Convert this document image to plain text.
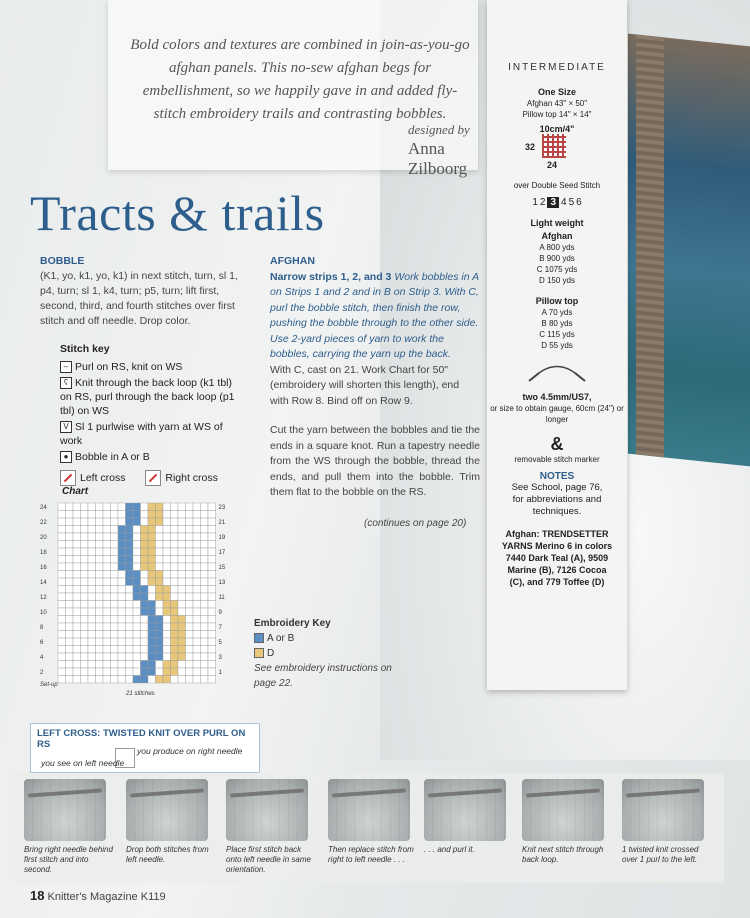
Bold colors and textures are combined in join-as-you-go afghan panels. This no-sew afghan begs for embellishment, so we happily gave in and added fly-stitch embroidery trails and contrasting bobbles.

designed by Anna Zilboorg
Tracts & trails
BOBBLE
(K1, yo, k1, yo, k1) in next stitch, turn, sl 1, p4, turn; sl 1, k4, turn; p5, turn; lift first, second, third, and fourth stitches over first stitch and off needle. Drop color.
Stitch key
– Purl on RS, knit on WS
ʕ Knit through the back loop (k1 tbl) on RS, purl through the back loop (p1 tbl) on WS
V Sl 1 purlwise with yarn at WS of work
● Bobble in A or B
Left cross	Right cross
AFGHAN
Narrow strips 1, 2, and 3 Work bobbles in A on Strips 1 and 2 and in B on Strip 3. With C, purl the bobble stitch, then finish the row, pushing the bobble through to the other side. Use 2-yard pieces of yarn to work the bobbles, carrying the yarn up the back.
With C, cast on 21. Work Chart for 50" (embroidery will shorten this length), end with Row 8. Bind off on Row 9.
Cut the yarn between the bobbles and tie the ends in a square knot. Run a tapestry needle from the WS through the bobble, thread the ends, and pull them into the bobble. Trim them flat to the bobble on the RS.
(continues on page 20)
Chart
24
22
20
18
16
14
12
10
8
6
4
2
23
21
19
17
15
13
11
9
7
5
3
1
21 stitches
Set-up
Embroidery Key
A or B
D
See embroidery instructions on page 22.
INTERMEDIATE
One Size
Afghan 43" × 50"
Pillow top 14" × 14"
10cm/4"
32
24
over Double Seed Stitch
1 2 3 4 5 6
Light weight
Afghan
A 800 yds
B 900 yds
C 1075 yds
D 150 yds
Pillow top
A 70 yds
B 80 yds
C 115 yds
D 55 yds
two 4.5mm/US7,
or size to obtain gauge, 60cm (24") or longer
&
removable stitch marker
NOTES
See School, page 76, for abbreviations and techniques.
Afghan: TRENDSETTER YARNS Merino 6 in colors 7440 Dark Teal (A), 9509 Marine (B), 7126 Cocoa (C), and 779 Toffee (D)
LEFT CROSS: TWISTED KNIT OVER PURL ON RS
you produce on right needle
you see on left needle

Bring right needle behind first stitch and into second.

Drop both stitches from left needle.

Place first stitch back onto left needle in same orientation.

Then replace stitch from right to left needle . . .

. . . and purl it.	Knit next stitch through back loop.

1 twisted knit crossed over 1 purl to the left.

18 Knitter's Magazine K119
